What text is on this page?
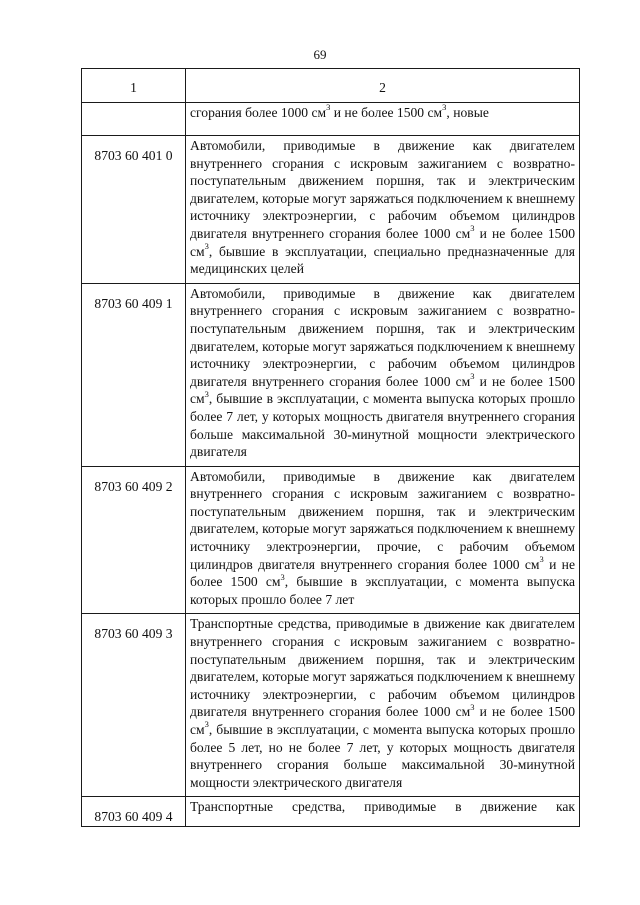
69
1	2
	сгорания более 1000 $см^3$ и не более 1500 $см^3$, новые
8703 60 401 0	Автомобили, приводимые в движение как двигателем внутреннего сгорания с искровым зажиганием с возвратно-поступательным движением поршня, так и электрическим двигателем, которые могут заряжаться подключением к внешнему источнику электроэнергии, с рабочим объемом цилиндров двигателя внутреннего сгорания более 1000 $см^3$ и не более 1500 $см^3$, бывшие в эксплуатации, специально предназначенные для медицинских целей
8703 60 409 1	Автомобили, приводимые в движение как двигателем внутреннего сгорания с искровым зажиганием с возвратно-поступательным движением поршня, так и электрическим двигателем, которые могут заряжаться подключением к внешнему источнику электроэнергии, с рабочим объемом цилиндров двигателя внутреннего сгорания более 1000 $см^3$ и не более 1500 $см^3$, бывшие в эксплуатации, с момента выпуска которых прошло более 7 лет, у которых мощность двигателя внутреннего сгорания больше максимальной 30-минутной мощности электрического двигателя
8703 60 409 2	Автомобили, приводимые в движение как двигателем внутреннего сгорания с искровым зажиганием с возвратно-поступательным движением поршня, так и электрическим двигателем, которые могут заряжаться подключением к внешнему источнику электроэнергии, прочие, с рабочим объемом цилиндров двигателя внутреннего сгорания более 1000 $см^3$ и не более 1500 $см^3$, бывшие в эксплуатации, с момента выпуска которых прошло более 7 лет
8703 60 409 3	Транспортные средства, приводимые в движение как двигателем внутреннего сгорания с искровым зажиганием с возвратно-поступательным движением поршня, так и электрическим двигателем, которые могут заряжаться подключением к внешнему источнику электроэнергии, с рабочим объемом цилиндров двигателя внутреннего сгорания более 1000 $см^3$ и не более 1500 $см^3$, бывшие в эксплуатации, с момента выпуска которых прошло более 5 лет, но не более 7 лет, у которых мощность двигателя внутреннего сгорания больше максимальной 30-минутной мощности электрического двигателя
8703 60 409 4	Транспортные средства, приводимые в движение как
